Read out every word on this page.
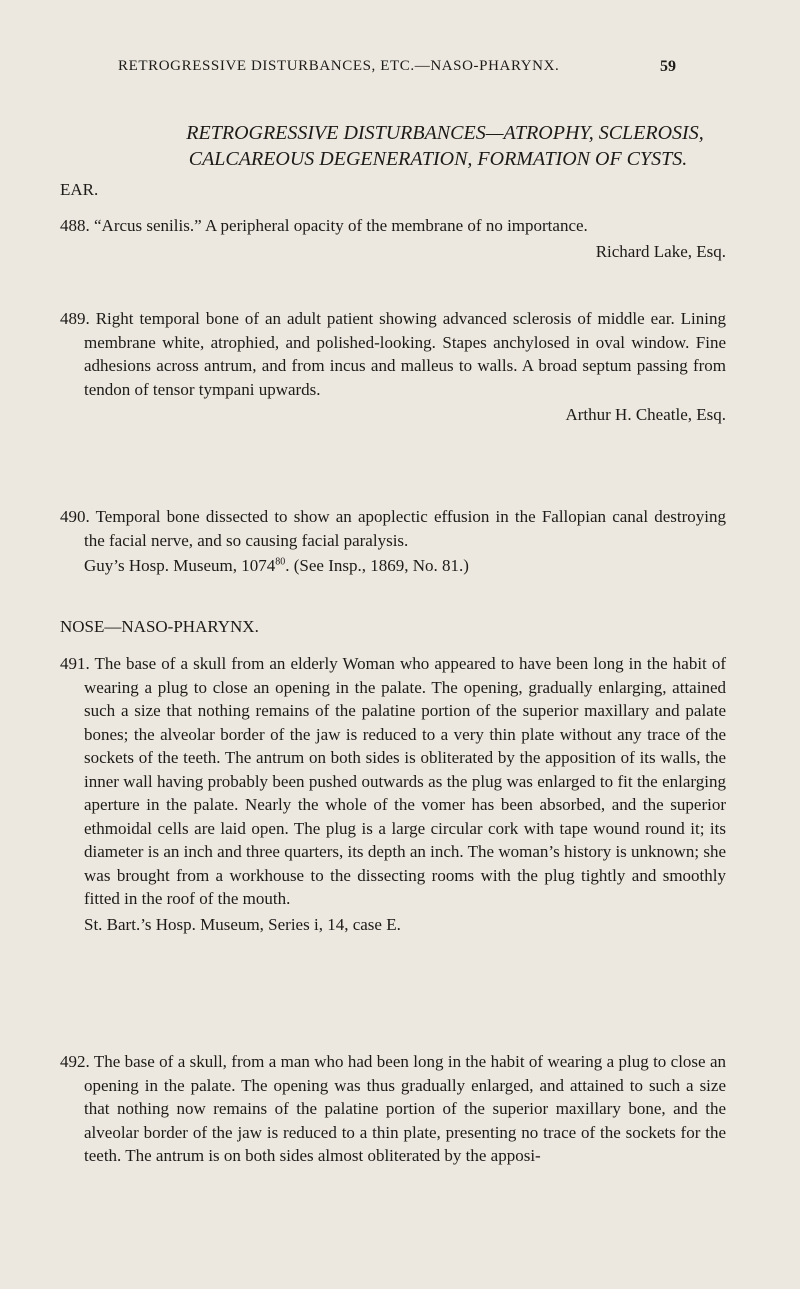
RETROGRESSIVE DISTURBANCES, ETC.—NASO-PHARYNX.	59
RETROGRESSIVE DISTURBANCES—ATROPHY, SCLEROSIS,
CALCAREOUS DEGENERATION, FORMATION OF CYSTS.
EAR.

488. “Arcus senilis.” A peripheral opacity of the membrane of no importance.

Richard Lake, Esq.

489. Right temporal bone of an adult patient showing advanced sclerosis of middle ear. Lining membrane white, atrophied, and polished-looking. Stapes anchylosed in oval window. Fine adhesions across antrum, and from incus and malleus to walls. A broad septum passing from tendon of tensor tympani upwards.

Arthur H. Cheatle, Esq.

490. Temporal bone dissected to show an apoplectic effusion in the Fallopian canal destroying the facial nerve, and so causing facial paralysis.

Guy’s Hosp. Museum, 1074$^{80}$. (See Insp., 1869, No. 81.)

NOSE—NASO-PHARYNX.

491. The base of a skull from an elderly Woman who appeared to have been long in the habit of wearing a plug to close an opening in the palate. The opening, gradually enlarging, attained such a size that nothing remains of the palatine portion of the superior maxillary and palate bones; the alveolar border of the jaw is reduced to a very thin plate without any trace of the sockets of the teeth. The antrum on both sides is obliterated by the apposition of its walls, the inner wall having probably been pushed outwards as the plug was enlarged to fit the enlarging aperture in the palate. Nearly the whole of the vomer has been absorbed, and the superior ethmoidal cells are laid open. The plug is a large circular cork with tape wound round it; its diameter is an inch and three quarters, its depth an inch. The woman’s history is unknown; she was brought from a workhouse to the dissecting rooms with the plug tightly and smoothly fitted in the roof of the mouth.

St. Bart.’s Hosp. Museum, Series i, 14, case E.

492. The base of a skull, from a man who had been long in the habit of wearing a plug to close an opening in the palate. The opening was thus gradually enlarged, and attained to such a size that nothing now remains of the palatine portion of the superior maxillary bone, and the alveolar border of the jaw is reduced to a thin plate, presenting no trace of the sockets for the teeth. The antrum is on both sides almost obliterated by the apposi-
